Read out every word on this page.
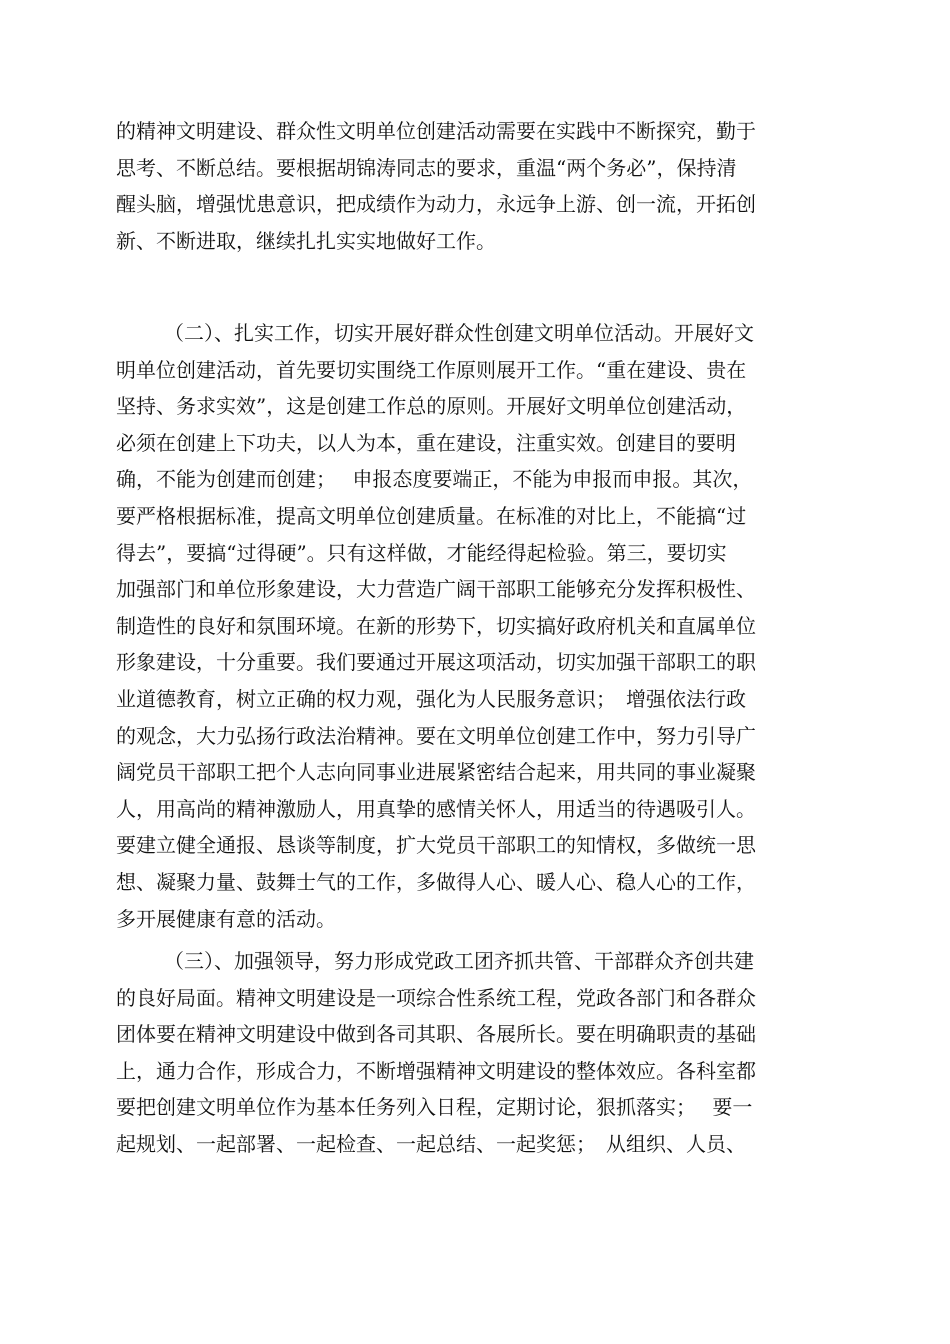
的精神文明建设、群众性文明单位创建活动需要在实践中不断探究，勤于
思考、不断总结。要根据胡锦涛同志的要求，重温“两个务必”，保持清
醒头脑，增强忧患意识，把成绩作为动力，永远争上游、创一流，开拓创
新、不断进取，继续扎扎实实地做好工作。

（二）、扎实工作，切实开展好群众性创建文明单位活动。开展好文
明单位创建活动，首先要切实围绕工作原则展开工作。“重在建设、贵在
坚持、务求实效”，这是创建工作总的原则。开展好文明单位创建活动，
必须在创建上下功夫，以人为本，重在建设，注重实效。创建目的要明
确，不能为创建而创建；　 申报态度要端正，不能为申报而申报。其次，
要严格根据标准，提高文明单位创建质量。在标准的对比上，不能搞“过
得去”，要搞“过得硬”。只有这样做，才能经得起检验。第三，要切实
加强部门和单位形象建设，大力营造广阔干部职工能够充分发挥积极性、
制造性的良好和氛围环境。在新的形势下，切实搞好政府机关和直属单位
形象建设，十分重要。我们要通过开展这项活动，切实加强干部职工的职
业道德教育，树立正确的权力观，强化为人民服务意识；　增强依法行政
的观念，大力弘扬行政法治精神。要在文明单位创建工作中，努力引导广
阔党员干部职工把个人志向同事业进展紧密结合起来，用共同的事业凝聚
人，用高尚的精神激励人，用真挚的感情关怀人，用适当的待遇吸引人。
要建立健全通报、恳谈等制度，扩大党员干部职工的知情权，多做统一思
想、凝聚力量、鼓舞士气的工作，多做得人心、暖人心、稳人心的工作，
多开展健康有意的活动。

（三）、加强领导，努力形成党政工团齐抓共管、干部群众齐创共建
的良好局面。精神文明建设是一项综合性系统工程，党政各部门和各群众
团体要在精神文明建设中做到各司其职、各展所长。要在明确职责的基础
上，通力合作，形成合力，不断增强精神文明建设的整体效应。各科室都
要把创建文明单位作为基本任务列入日程，定期讨论，狠抓落实；　 要一
起规划、一起部署、一起检查、一起总结、一起奖惩；　从组织、人员、
